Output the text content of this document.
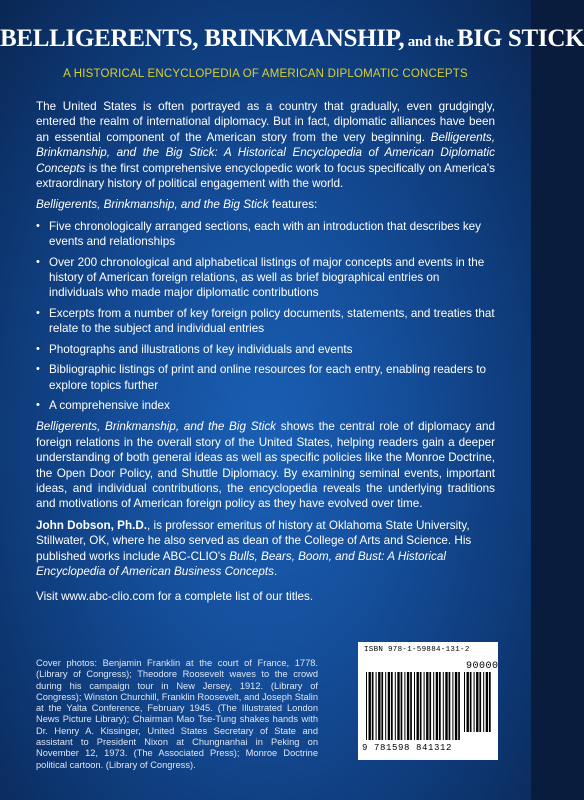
BELLIGERENTS, BRINKMANSHIP, and the BIG STICK
A HISTORICAL ENCYCLOPEDIA OF AMERICAN DIPLOMATIC CONCEPTS

The United States is often portrayed as a country that gradually, even grudgingly, entered the realm of international diplomacy. But in fact, diplomatic alliances have been an essential component of the American story from the very beginning. Belligerents, Brinkmanship, and the Big Stick: A Historical Encyclopedia of American Diplomatic Concepts is the first comprehensive encyclopedic work to focus specifically on America's extraordinary history of political engagement with the world.

Belligerents, Brinkmanship, and the Big Stick features:

• Five chronologically arranged sections, each with an introduction that describes key events and relationships
• Over 200 chronological and alphabetical listings of major concepts and events in the history of American foreign relations, as well as brief biographical entries on individuals who made major diplomatic contributions
• Excerpts from a number of key foreign policy documents, statements, and treaties that relate to the subject and individual entries
• Photographs and illustrations of key individuals and events
• Bibliographic listings of print and online resources for each entry, enabling readers to explore topics further
• A comprehensive index

Belligerents, Brinkmanship, and the Big Stick shows the central role of diplomacy and foreign relations in the overall story of the United States, helping readers gain a deeper understanding of both general ideas as well as specific policies like the Monroe Doctrine, the Open Door Policy, and Shuttle Diplomacy. By examining seminal events, important ideas, and individual contributions, the encyclopedia reveals the underlying traditions and motivations of American foreign policy as they have evolved over time.

John Dobson, Ph.D., is professor emeritus of history at Oklahoma State University, Stillwater, OK, where he also served as dean of the College of Arts and Science. His published works include ABC-CLIO's Bulls, Bears, Boom, and Bust: A Historical Encyclopedia of American Business Concepts.

Visit www.abc-clio.com for a complete list of our titles.

Cover photos: Benjamin Franklin at the court of France, 1778. (Library of Congress); Theodore Roosevelt waves to the crowd during his campaign tour in New Jersey, 1912. (Library of Congress); Winston Churchill, Franklin Roosevelt, and Joseph Stalin at the Yalta Conference, February 1945. (The Illustrated London News Picture Library); Chairman Mao Tse-Tung shakes hands with Dr. Henry A. Kissinger, United States Secretary of State and assistant to President Nixon at Chungnanhai in Peking on November 12, 1973. (The Associated Press); Monroe Doctrine political cartoon. (Library of Congress).
ISBN 978-1-59884-131-2
90000
9 781598 841312
